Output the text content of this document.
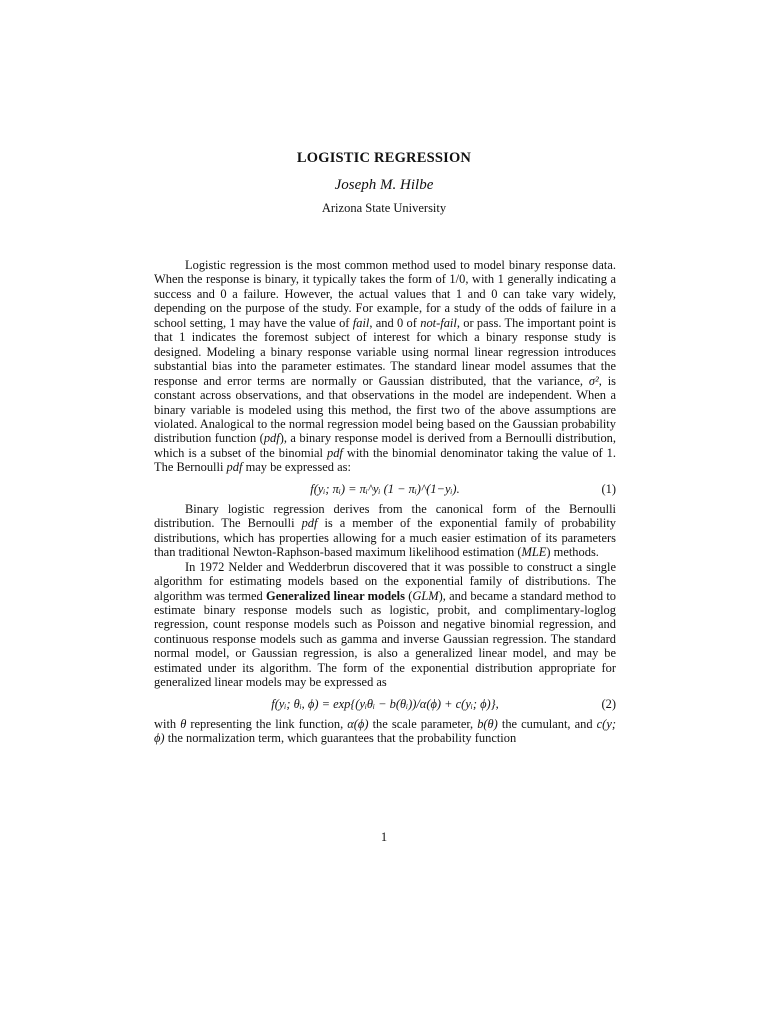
LOGISTIC REGRESSION
Joseph M. Hilbe
Arizona State University

Logistic regression is the most common method used to model binary response data. When the response is binary, it typically takes the form of 1/0, with 1 generally indicating a success and 0 a failure. However, the actual values that 1 and 0 can take vary widely, depending on the purpose of the study. For example, for a study of the odds of failure in a school setting, 1 may have the value of fail, and 0 of not-fail, or pass. The important point is that 1 indicates the foremost subject of interest for which a binary response study is designed. Modeling a binary response variable using normal linear regression introduces substantial bias into the parameter estimates. The standard linear model assumes that the response and error terms are normally or Gaussian distributed, that the variance, σ², is constant across observations, and that observations in the model are independent. When a binary variable is modeled using this method, the first two of the above assumptions are violated. Analogical to the normal regression model being based on the Gaussian probability distribution function (pdf), a binary response model is derived from a Bernoulli distribution, which is a subset of the binomial pdf with the binomial denominator taking the value of 1. The Bernoulli pdf may be expressed as:

f(yᵢ; πᵢ) = πᵢ^yᵢ (1 − πᵢ)^(1−yᵢ).	(1)

Binary logistic regression derives from the canonical form of the Bernoulli distribution. The Bernoulli pdf is a member of the exponential family of probability distributions, which has properties allowing for a much easier estimation of its parameters than traditional Newton-Raphson-based maximum likelihood estimation (MLE) methods.

In 1972 Nelder and Wedderbrun discovered that it was possible to construct a single algorithm for estimating models based on the exponential family of distributions. The algorithm was termed Generalized linear models (GLM), and became a standard method to estimate binary response models such as logistic, probit, and complimentary-loglog regression, count response models such as Poisson and negative binomial regression, and continuous response models such as gamma and inverse Gaussian regression. The standard normal model, or Gaussian regression, is also a generalized linear model, and may be estimated under its algorithm. The form of the exponential distribution appropriate for generalized linear models may be expressed as

f(yᵢ; θᵢ, ϕ) = exp{(yᵢθᵢ − b(θᵢ))/α(ϕ) + c(yᵢ; ϕ)},	(2)

with θ representing the link function, α(ϕ) the scale parameter, b(θ) the cumulant, and c(y; ϕ) the normalization term, which guarantees that the probability function

1
